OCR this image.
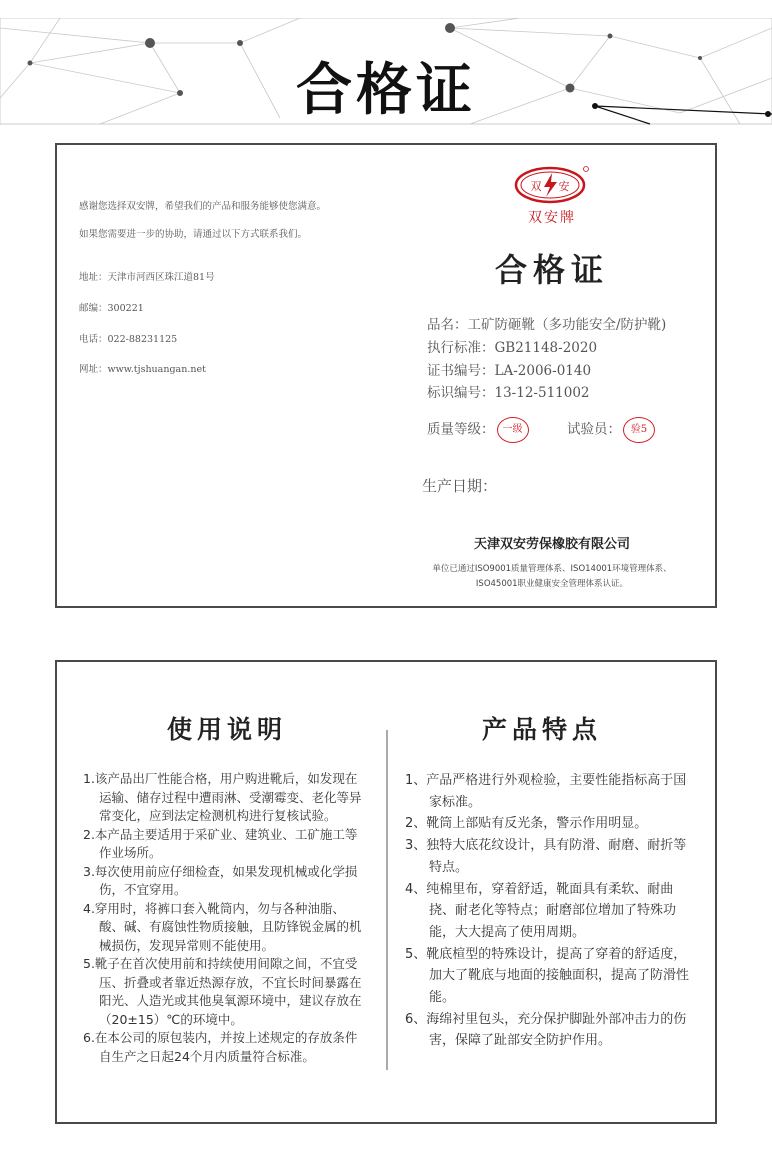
合格证
感谢您选择双安牌，希望我们的产品和服务能够使您满意。
如果您需要进一步的协助，请通过以下方式联系我们。
地址：天津市河西区珠江道81号
邮编：300221
电话：022-88231125
网址：www.tjshuangan.net
双 安
双安牌
合格证
品名：工矿防砸靴（多功能安全/防护靴)
执行标准：GB21148-2020
证书编号：LA-2006-0140
标识编号：13-12-511002
质量等级： 一级	试验员： 验5
生产日期：
天津双安劳保橡胶有限公司
单位已通过ISO9001质量管理体系、ISO14001环境管理体系、
ISO45001职业健康安全管理体系认证。
使用说明	产品特点
1.该产品出厂性能合格，用户购进靴后，如发现在运输、储存过程中遭雨淋、受潮霉变、老化等异常变化，应到法定检测机构进行复核试验。
2.本产品主要适用于采矿业、建筑业、工矿施工等作业场所。
3.每次使用前应仔细检查，如果发现机械或化学损伤，不宜穿用。
4.穿用时，将裤口套入靴筒内，勿与各种油脂、酸、碱、有腐蚀性物质接触，且防锋锐金属的机械损伤，发现异常则不能使用。
5.靴子在首次使用前和持续使用间隙之间，不宜受压、折叠或者靠近热源存放，不宜长时间暴露在阳光、人造光或其他臭氧源环境中，建议存放在（20±15）℃的环境中。
6.在本公司的原包装内，并按上述规定的存放条件自生产之日起24个月内质量符合标准。
1、产品严格进行外观检验，主要性能指标高于国家标准。
2、靴筒上部贴有反光条，警示作用明显。
3、独特大底花纹设计，具有防滑、耐磨、耐折等特点。
4、纯棉里布，穿着舒适，靴面具有柔软、耐曲挠、耐老化等特点；耐磨部位增加了特殊功能，大大提高了使用周期。
5、靴底楦型的特殊设计，提高了穿着的舒适度，加大了靴底与地面的接触面积，提高了防滑性能。
6、海绵衬里包头，充分保护脚趾外部冲击力的伤害，保障了趾部安全防护作用。
